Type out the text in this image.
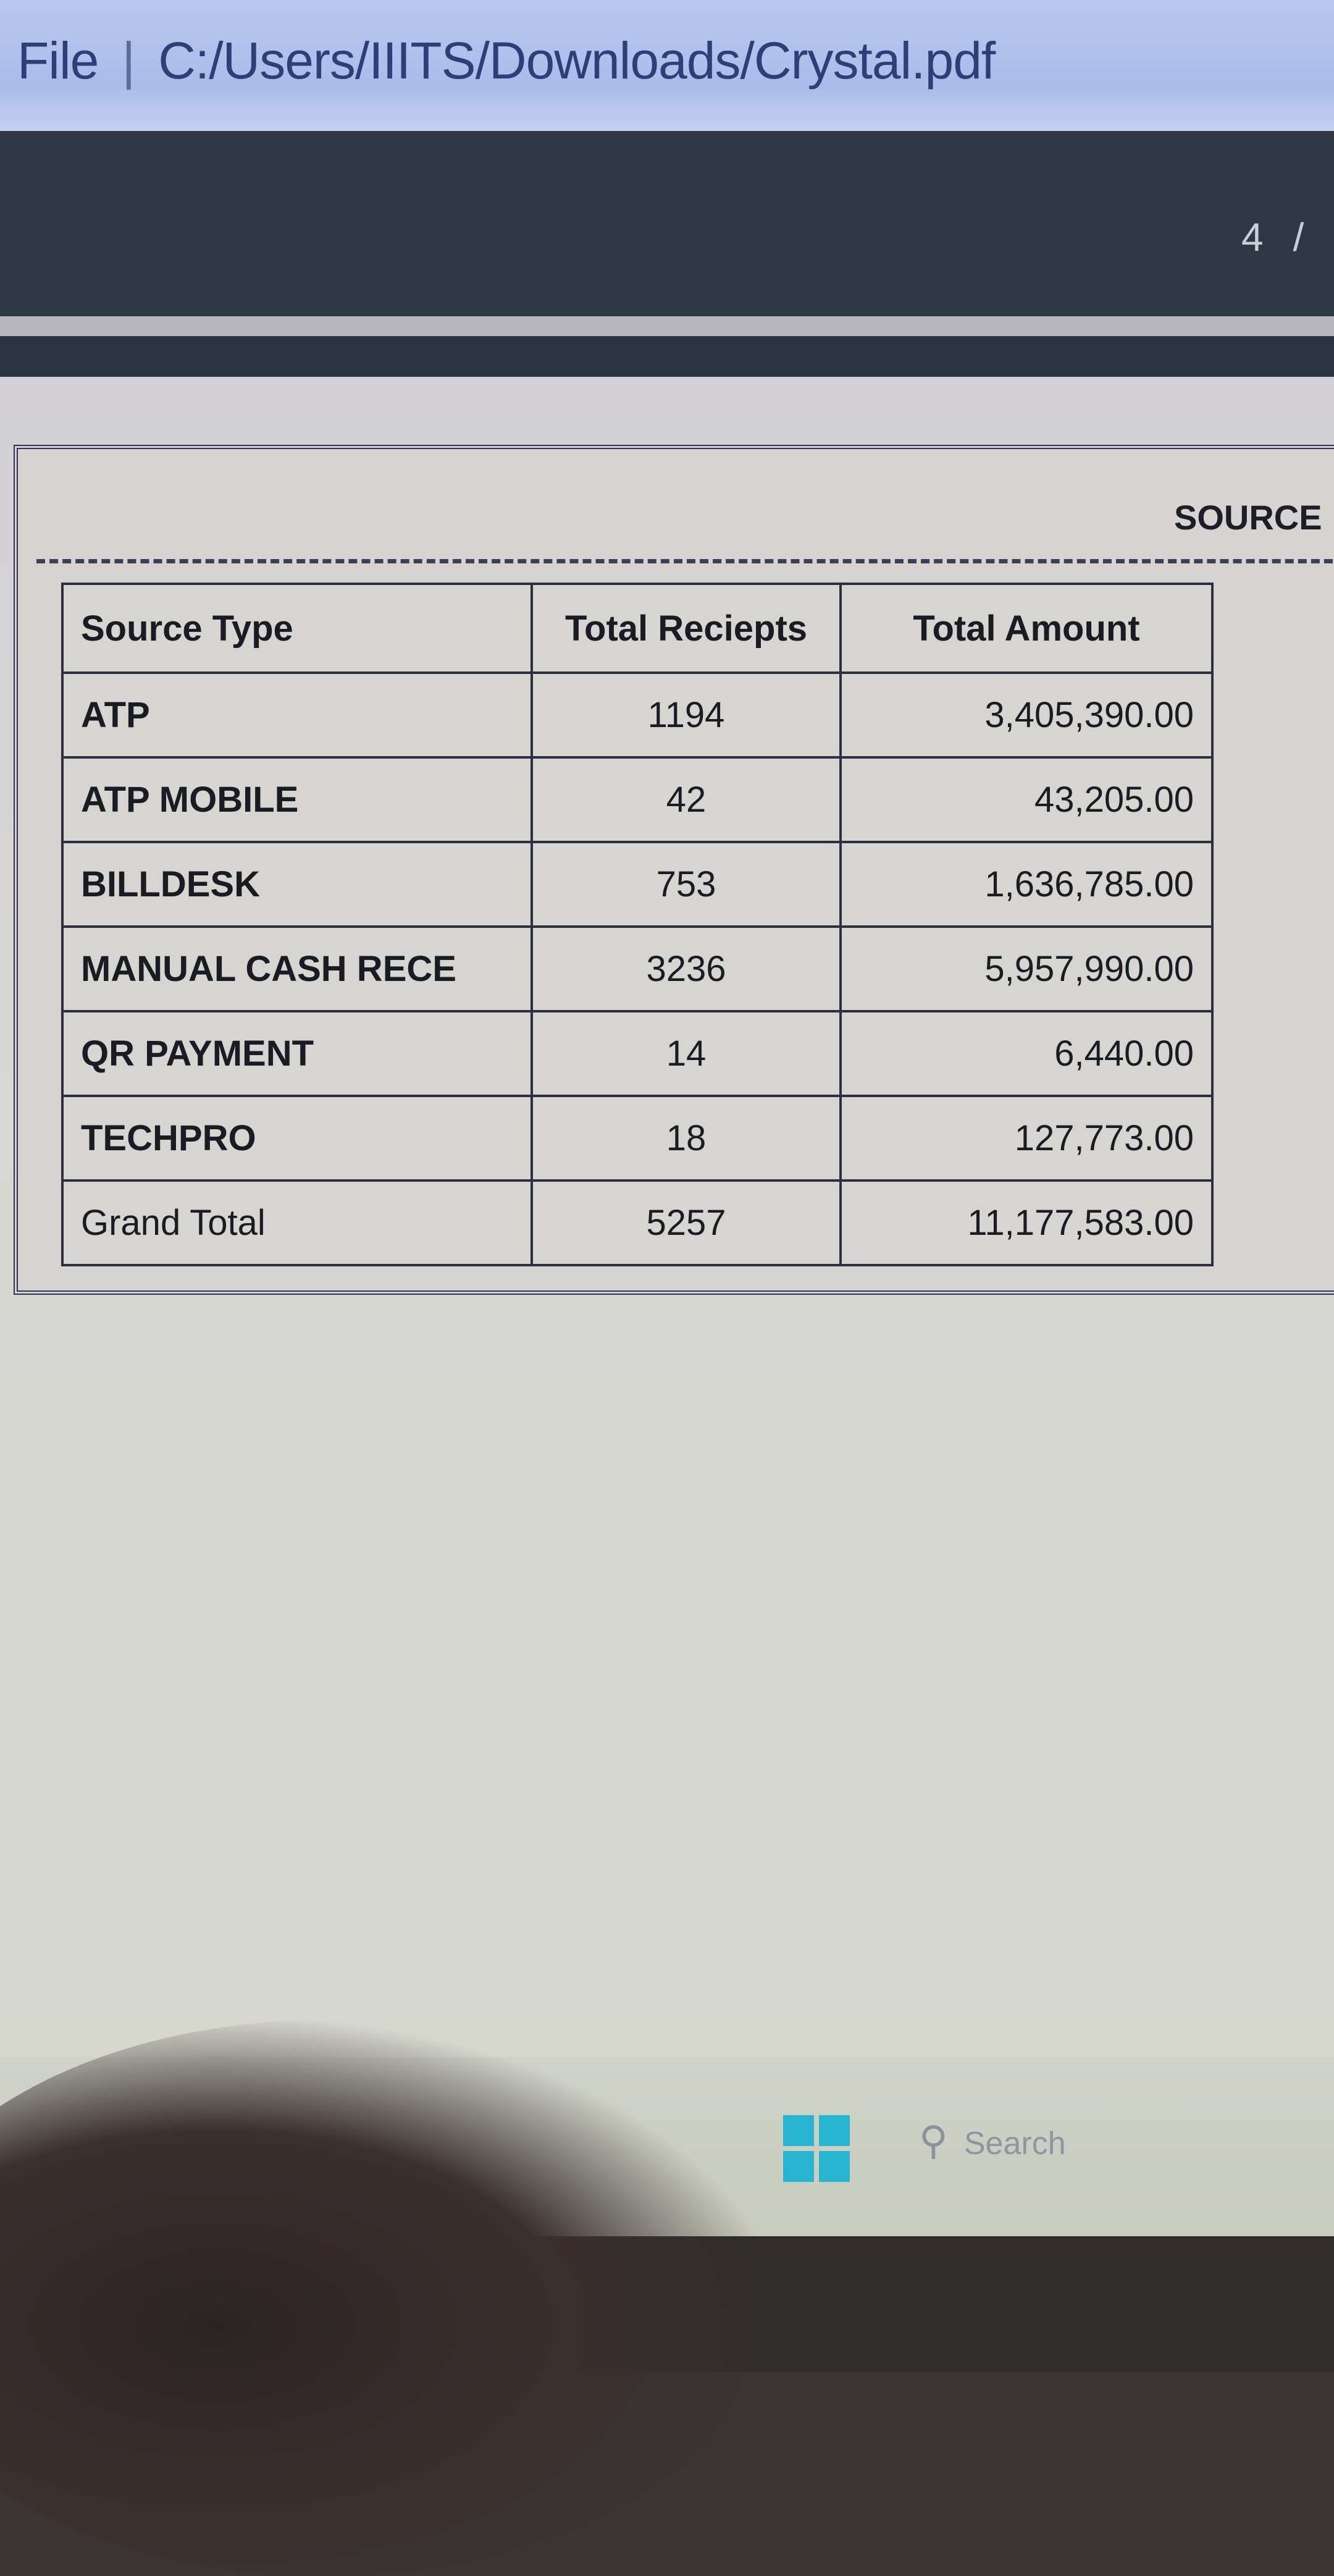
File | C:/Users/IIITS/Downloads/Crystal.pdf
4 /
SOURCE
Source Type	Total Reciepts	Total Amount
ATP	1194	3,405,390.00
ATP MOBILE	42	43,205.00
BILLDESK	753	1,636,785.00
MANUAL CASH RECE	3236	5,957,990.00
QR PAYMENT	14	6,440.00
TECHPRO	18	127,773.00
Grand Total	5257	11,177,583.00
⚲ Search
